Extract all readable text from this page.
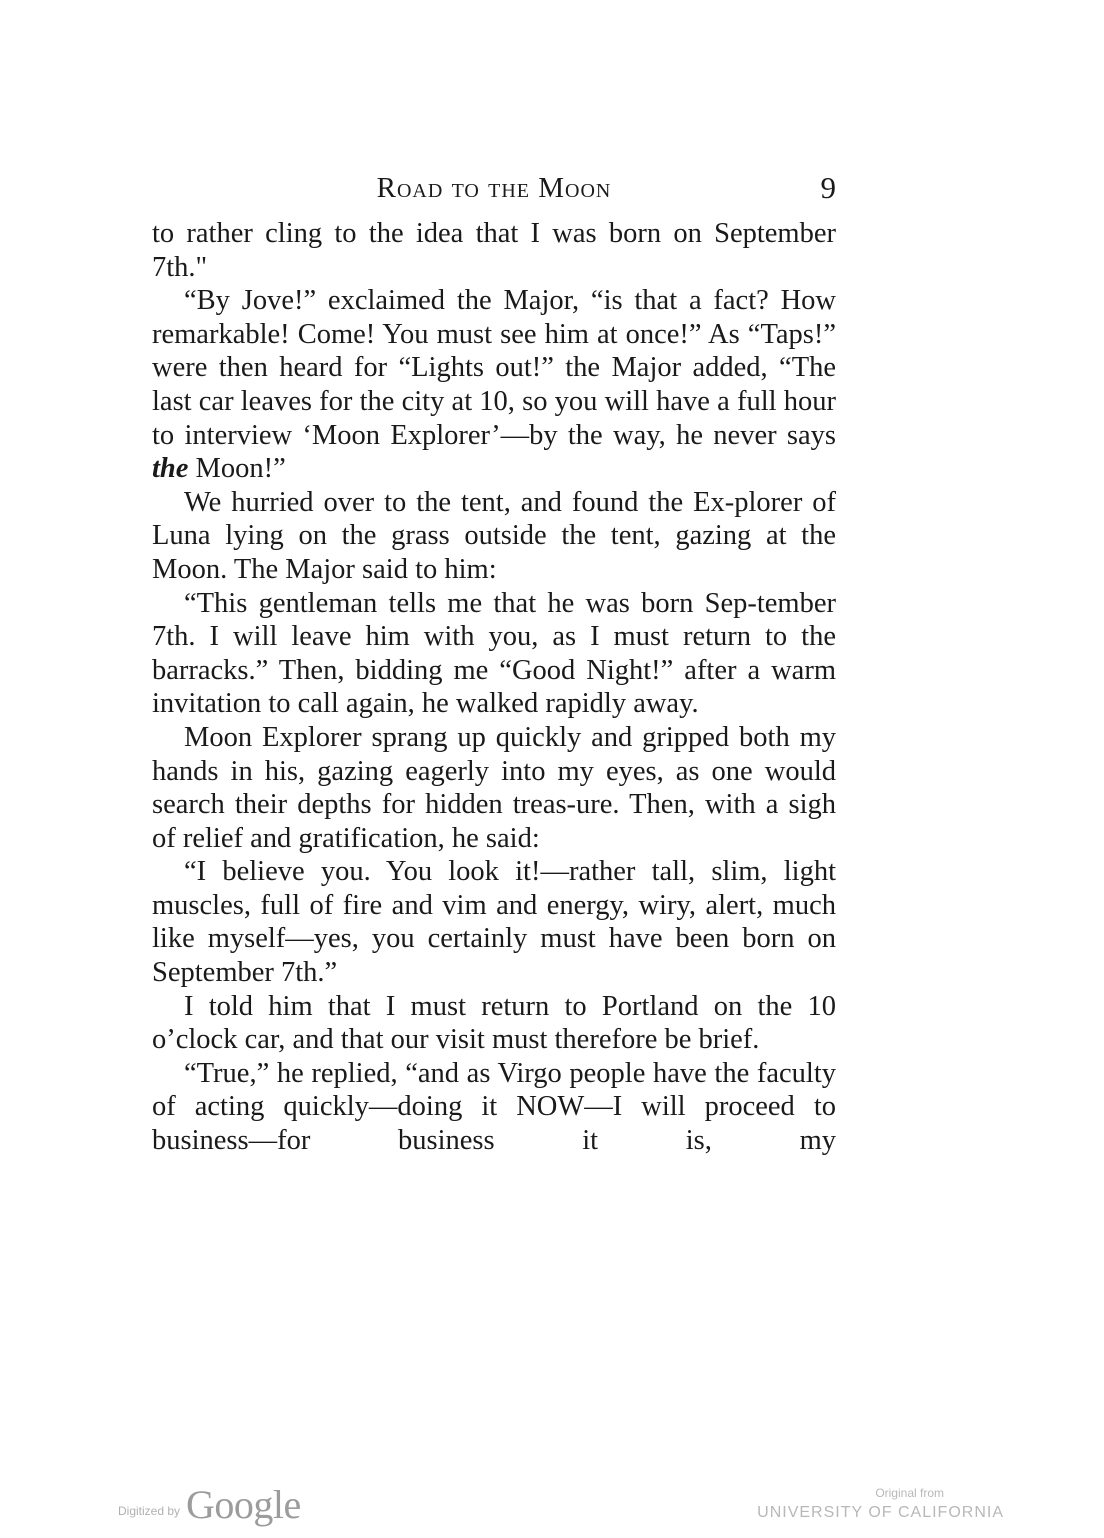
Road to the Moon	9

to rather cling to the idea that I was born on September 7th."

“By Jove!” exclaimed the Major, “is that a fact? How remarkable! Come! You must see him at once!” As “Taps!” were then heard for “Lights out!” the Major added, “The last car leaves for the city at 10, so you will have a full hour to interview ‘Moon Explorer’—by the way, he never says the Moon!”

We hurried over to the tent, and found the Ex-plorer of Luna lying on the grass outside the tent, gazing at the Moon. The Major said to him:

“This gentleman tells me that he was born Sep-tember 7th. I will leave him with you, as I must return to the barracks.” Then, bidding me “Good Night!” after a warm invitation to call again, he walked rapidly away.

Moon Explorer sprang up quickly and gripped both my hands in his, gazing eagerly into my eyes, as one would search their depths for hidden treas-ure. Then, with a sigh of relief and gratification, he said:

“I believe you. You look it!—rather tall, slim, light muscles, full of fire and vim and energy, wiry, alert, much like myself—yes, you certainly must have been born on September 7th.”

I told him that I must return to Portland on the 10 o’clock car, and that our visit must therefore be brief.

“True,” he replied, “and as Virgo people have the faculty of acting quickly—doing it NOW—I will proceed to business—for business it is, my

Digitized by Google	Original from
UNIVERSITY OF CALIFORNIA
